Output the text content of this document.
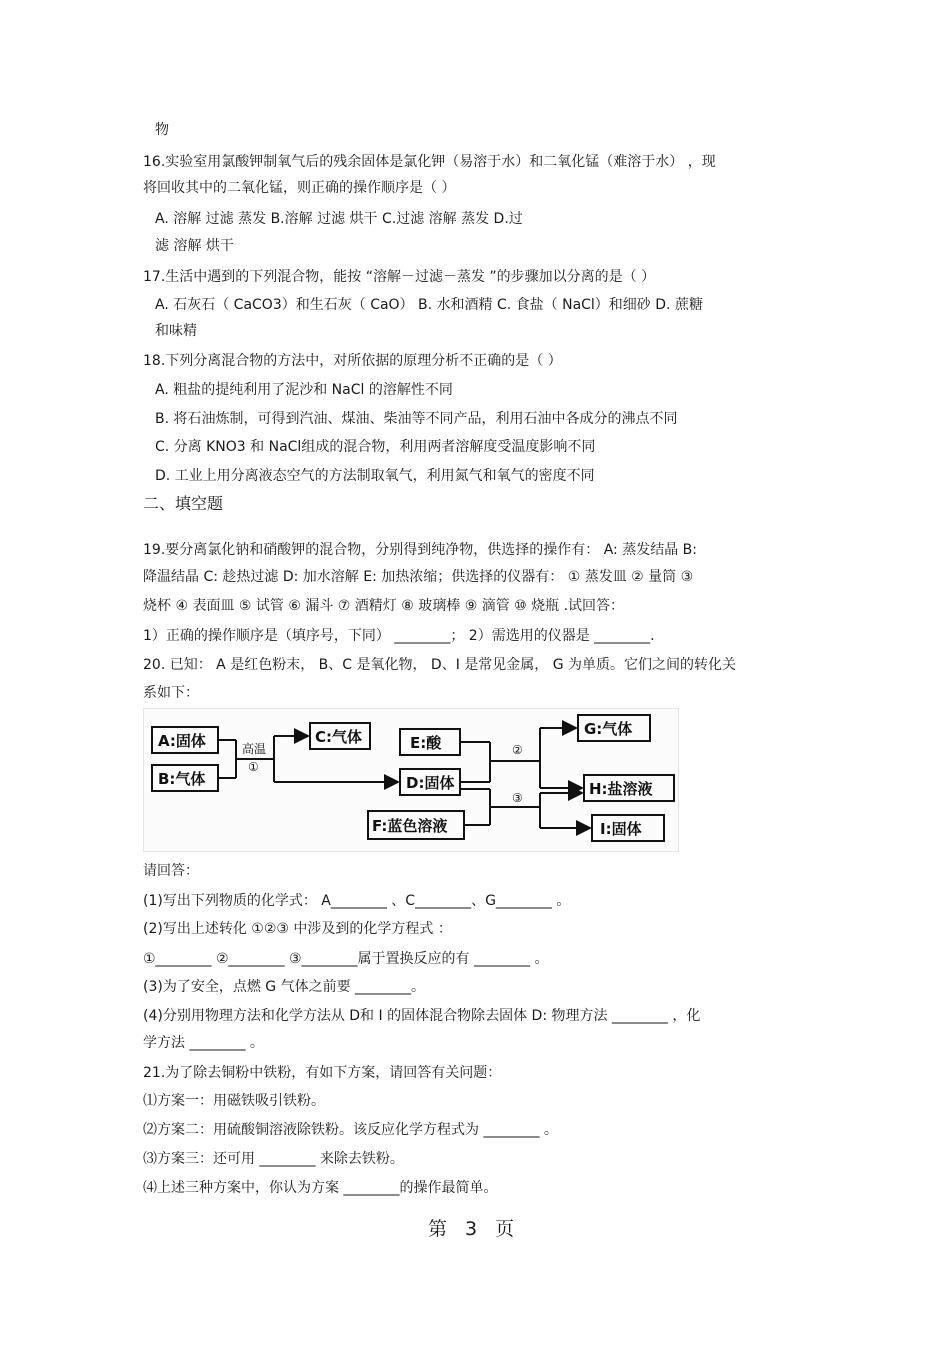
物
16.实验室用氯酸钾制氧气后的残余固体是氯化钾（易溶于水）和二氧化锰（难溶于水） ，现
将回收其中的二氧化锰，则正确的操作顺序是（ ）
A. 溶解 过滤 蒸发 B.溶解 过滤 烘干 C.过滤 溶解 蒸发 D.过
滤 溶解 烘干
17.生活中遇到的下列混合物，能按 “溶解－过滤－蒸发 ”的步骤加以分离的是（ ）
A. 石灰石（ CaCO3）和生石灰（ CaO） B. 水和酒精 C. 食盐（ NaCl）和细砂 D. 蔗糖
和味精
18.下列分离混合物的方法中，对所依据的原理分析不正确的是（ ）
A. 粗盐的提纯利用了泥沙和 NaCl 的溶解性不同
B. 将石油炼制，可得到汽油、煤油、柴油等不同产品，利用石油中各成分的沸点不同
C. 分离 KNO3 和 NaCl组成的混合物，利用两者溶解度受温度影响不同
D. 工业上用分离液态空气的方法制取氧气，利用氮气和氧气的密度不同
二、填空题
19.要分离氯化钠和硝酸钾的混合物，分别得到纯净物，供选择的操作有： A: 蒸发结晶 B:
降温结晶 C: 趁热过滤 D: 加水溶解 E: 加热浓缩；供选择的仪器有： ① 蒸发皿 ② 量筒 ③
烧杯 ④ 表面皿 ⑤ 试管 ⑥ 漏斗 ⑦ 酒精灯 ⑧ 玻璃棒 ⑨ 滴管 ⑩ 烧瓶 .试回答：
1）正确的操作顺序是（填序号，下同） ________； 2）需选用的仪器是 ________.
20. 已知： A 是红色粉末， B、C 是氧化物， D、I 是常见金属， G 为单质。它们之间的转化关
系如下：
A:固体
B:气体
C:气体	E:酸
D:固体
F:蓝色溶液
G:气体
H:盐溶液
I:固体
高温
①
②
③
请回答：
(1)写出下列物质的化学式： A________ 、C________、G________ 。
(2)写出上述转化 ①②③ 中涉及到的化学方程式 ：
①________ ②________ ③________属于置换反应的有 ________ 。
(3)为了安全，点燃 G 气体之前要 ________。
(4)分别用物理方法和化学方法从 D和 I 的固体混合物除去固体 D: 物理方法 ________ ，化
学方法 ________ 。
21.为了除去铜粉中铁粉，有如下方案，请回答有关问题：
⑴方案一：用磁铁吸引铁粉。
⑵方案二：用硫酸铜溶液除铁粉。该反应化学方程式为 ________ 。
⑶方案三：还可用 ________ 来除去铁粉。
⑷上述三种方案中，你认为方案 ________的操作最简单。
第 3 页
